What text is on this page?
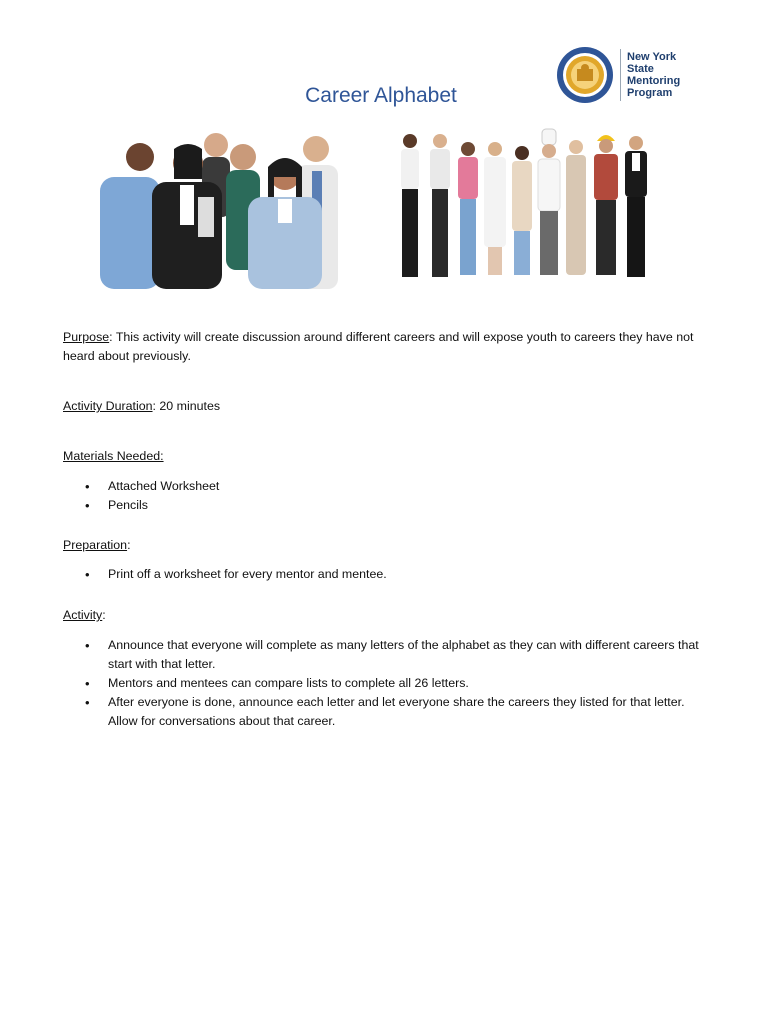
New York State
Mentoring
Program
Career Alphabet

Purpose: This activity will create discussion around different careers and will expose youth to careers they have not heard about previously.

Activity Duration: 20 minutes

Materials Needed:

• Attached Worksheet
• Pencils

Preparation:

• Print off a worksheet for every mentor and mentee.

Activity:

• Announce that everyone will complete as many letters of the alphabet as they can with different careers that start with that letter.
• Mentors and mentees can compare lists to complete all 26 letters.
• After everyone is done, announce each letter and let everyone share the careers they listed for that letter. Allow for conversations about that career.
